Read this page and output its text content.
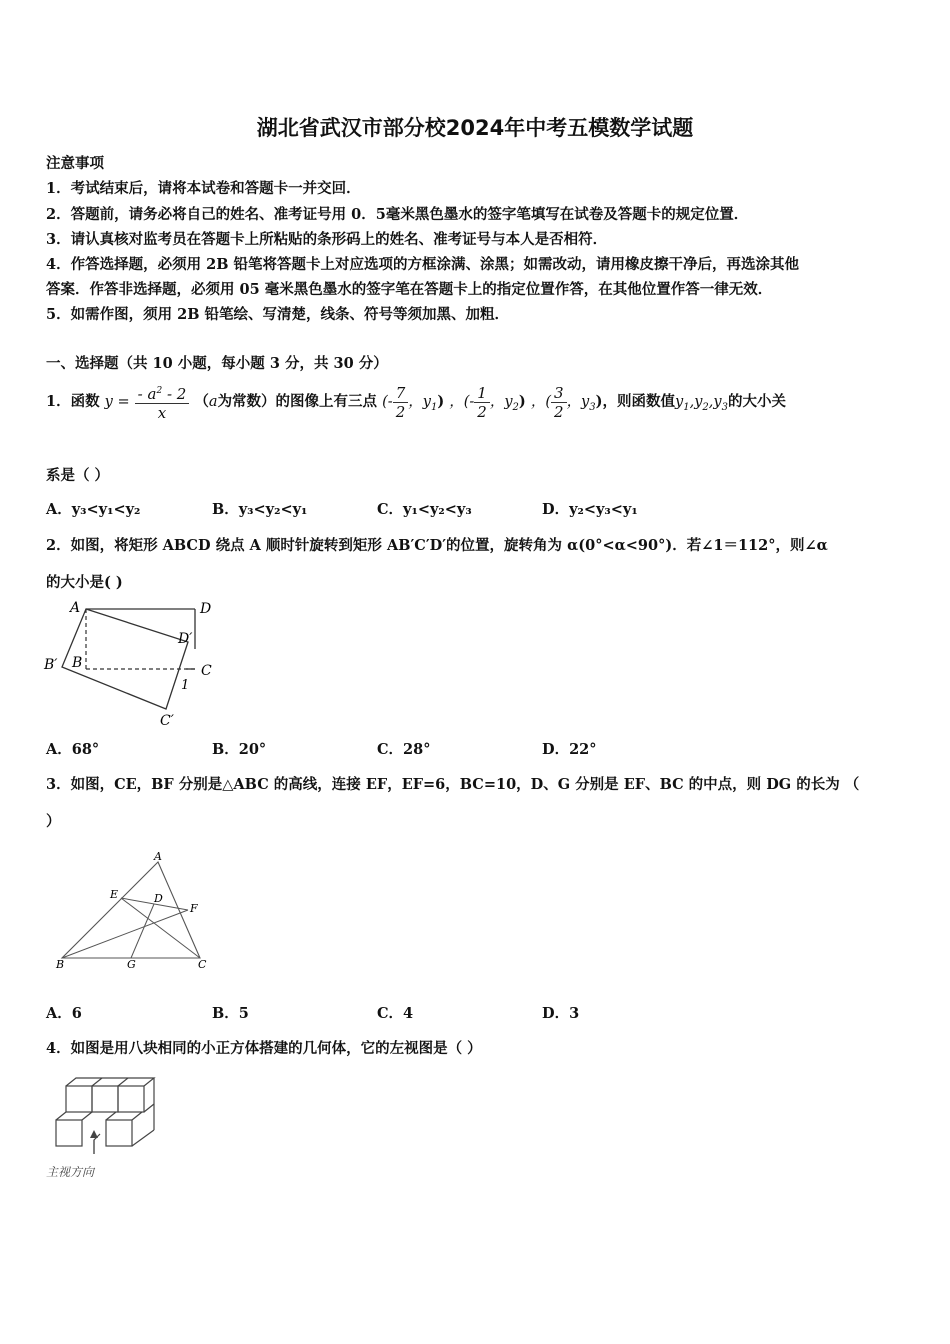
湖北省武汉市部分校2024年中考五模数学试题
注意事项
1．考试结束后，请将本试卷和答题卡一并交回．
2．答题前，请务必将自己的姓名、准考证号用 0．5毫米黑色墨水的签字笔填写在试卷及答题卡的规定位置．
3．请认真核对监考员在答题卡上所粘贴的条形码上的姓名、准考证号与本人是否相符．
4．作答选择题，必须用 2B 铅笔将答题卡上对应选项的方框涂满、涂黑；如需改动，请用橡皮擦干净后，再选涂其他
答案．作答非选择题，必须用 05 毫米黑色墨水的签字笔在答题卡上的指定位置作答，在其他位置作答一律无效．
5．如需作图，须用 2B 铅笔绘、写清楚，线条、符号等须加黑、加粗．
一、选择题（共 10 小题，每小题 3 分，共 30 分）
1．函数 $y = \frac{- a^2 - 2}{x} (a$为常数）的图像上有三点 (- $\frac{7}{2}$ ，$y_1$) ，(- $\frac{1}{2}$ ，$y_2$) ，( $\frac{3}{2}$ ，$y_3$)，则函数值$y_1,y_2,y_3$的大小关
系是（ ）
A．y₃<y₁<y₂	B．y₃<y₂<y₁	C．y₁<y₂<y₃	D．y₂<y₃<y₁
2．如图，将矩形 ABCD 绕点 A 顺时针旋转到矩形 AB′C′D′的位置，旋转角为 α(0°<α<90°)．若∠1＝112°，则∠α
的大小是( )
A	D
D′
B′ B	C
1
C′
A．68°	B．20°	C．28°	D．22°
3．如图，CE，BF 分别是△ABC 的高线，连接 EF，EF=6，BC=10，D、G 分别是 EF、BC 的中点，则 DG 的长为 （
）
A
E	D
F
B	G	C
A．6	B．5	C．4	D．3
4．如图是用八块相同的小正方体搭建的几何体，它的左视图是（ ）
主视方向
